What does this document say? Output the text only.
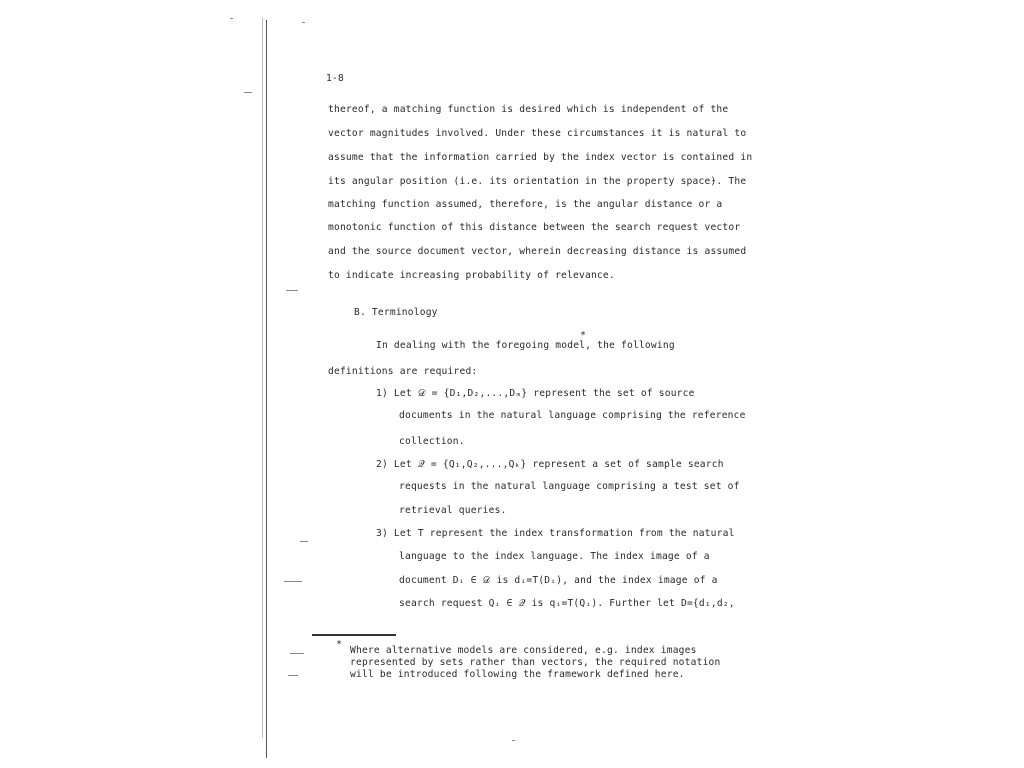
1-8
thereof, a matching function is desired which is independent of the
vector magnitudes involved. Under these circumstances it is natural to
assume that the information carried by the index vector is contained in
its angular position (i.e. its orientation in the property space). The
matching function assumed, therefore, is the angular distance or a
monotonic function of this distance between the search request vector
and the source document vector, wherein decreasing distance is assumed
to indicate increasing probability of relevance.
B. Terminology
In dealing with the foregoing model, the following
*
definitions are required:
1) Let 𝒟 = {D₁,D₂,...,Dₘ} represent the set of source
documents in the natural language comprising the reference
collection.
2) Let 𝒬 = {Q₁,Q₂,...,Qₖ} represent a set of sample search
requests in the natural language comprising a test set of
retrieval queries.
3) Let T represent the index transformation from the natural
language to the index language. The index image of a
document Dᵢ ∈ 𝒟 is dᵢ=T(Dᵢ), and the index image of a
search request Qᵢ ∈ 𝒬 is qᵢ=T(Qᵢ). Further let D={d₁,d₂,
*
Where alternative models are considered, e.g. index images
represented by sets rather than vectors, the required notation
will be introduced following the framework defined here.
